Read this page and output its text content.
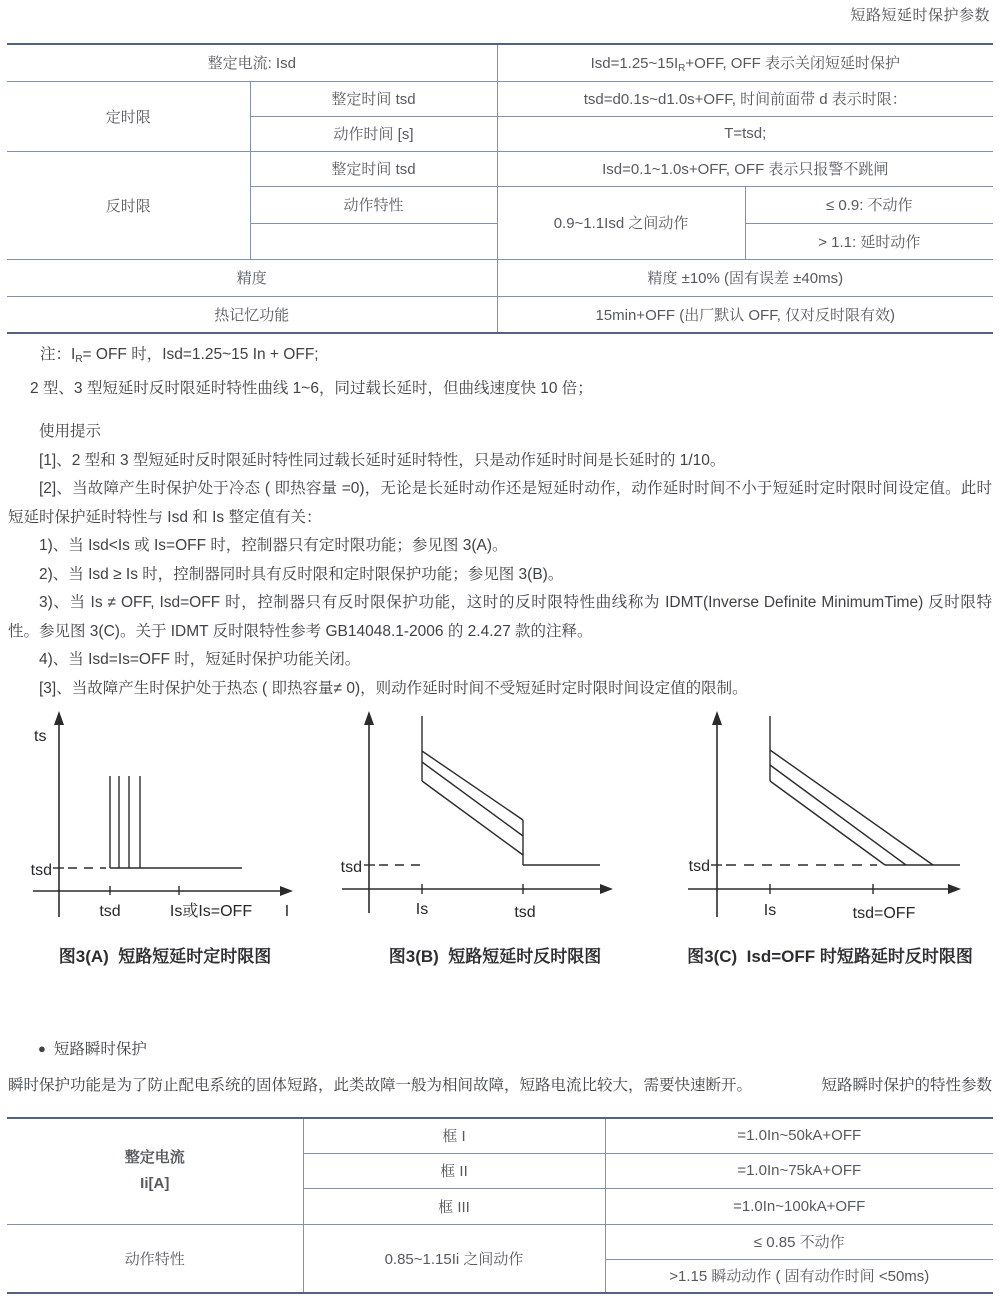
短路短延时保护参数
整定电流: Isd		$Isd=1.25\sim 15I_R+OFF$, OFF 表示关闭短延时保护	
定时限	整定时间 tsd	tsd=d0.1s~d1.0s+OFF, 时间前面带 d 表示时限：	
	动作时间 [s]	T=tsd;	
反时限	整定时间 tsd	Isd=0.1~1.0s+OFF, OFF 表示只报警不跳闸	
	动作特性	0.9~1.1Isd 之间动作	≤ 0.9: 不动作
			> 1.1: 延时动作
精度		精度 ±10% (固有误差 ±40ms)	
热记忆功能		15min+OFF (出厂默认 OFF, 仅对反时限有效)	

注：$I_R=$ OFF 时，Isd=1.25~15 In + OFF;

2 型、3 型短延时反时限延时特性曲线 1~6，同过载长延时，但曲线速度快 10 倍；

使用提示

[1]、2 型和 3 型短延时反时限延时特性同过载长延时延时特性，只是动作延时时间是长延时的 1/10。

[2]、当故障产生时保护处于冷态 ( 即热容量 =0)，无论是长延时动作还是短延时动作，动作延时时间不小于短延时定时限时间设定值。此时短延时保护延时特性与 Isd 和 Is 整定值有关：

1)、当 Isd<Is 或 Is=OFF 时，控制器只有定时限功能；参见图 3(A)。

2)、当 Isd ≥ Is 时，控制器同时具有反时限和定时限保护功能；参见图 3(B)。

3)、当 Is ≠ OFF, Isd=OFF 时，控制器只有反时限保护功能，这时的反时限特性曲线称为 IDMT(Inverse Definite MinimumTime) 反时限特性。参见图 3(C)。关于 IDMT 反时限特性参考 GB14048.1-2006 的 2.4.27 款的注释。

4)、当 Isd=Is=OFF 时，短延时保护功能关闭。

[3]、当故障产生时保护处于热态 ( 即热容量≠ 0)，则动作延时时间不受短延时定时限时间设定值的限制。

ts
tsd
tsd	Is或Is=OFF I
图3(A)  短路短延时定时限图
tsd
Is	tsd
图3(B)  短路短延时反时限图
tsd
Is	tsd=OFF
图3(C)  Isd=OFF 时短路延时反时限图
● 短路瞬时保护
瞬时保护功能是为了防止配电系统的固体短路，此类故障一般为相间故障，短路电流比较大，需要快速断开。	短路瞬时保护的特性参数
整定电流
Ii[A]	框 I	=1.0In~50kA+OFF
	框 II	=1.0In~75kA+OFF
	框 III	=1.0In~100kA+OFF
动作特性	0.85~1.15Ii 之间动作	≤ 0.85 不动作
		>1.15 瞬动动作 ( 固有动作时间 <50ms)
